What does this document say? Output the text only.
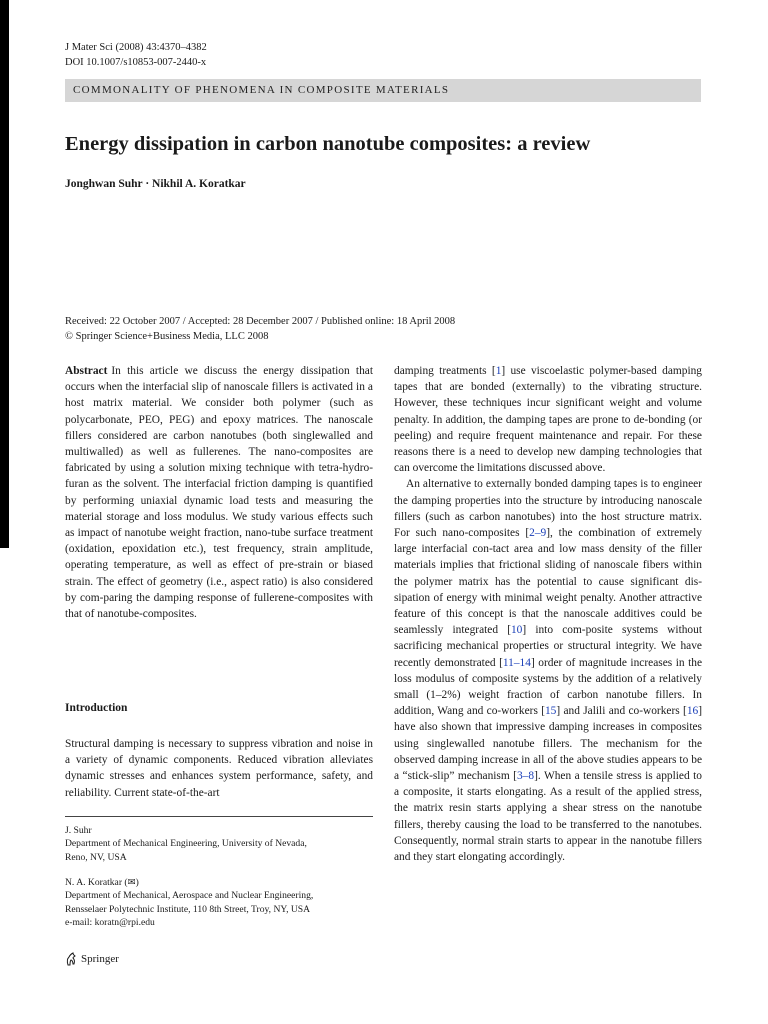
J Mater Sci (2008) 43:4370–4382
DOI 10.1007/s10853-007-2440-x
COMMONALITY OF PHENOMENA IN COMPOSITE MATERIALS
Energy dissipation in carbon nanotube composites: a review
Jonghwan Suhr · Nikhil A. Koratkar
Received: 22 October 2007 / Accepted: 28 December 2007 / Published online: 18 April 2008
© Springer Science+Business Media, LLC 2008

Abstract In this article we discuss the energy dissipation that occurs when the interfacial slip of nanoscale fillers is activated in a host matrix material. We consider both polymer (such as polycarbonate, PEO, PEG) and epoxy matrices. The nanoscale fillers considered are carbon nanotubes (both singlewalled and multiwalled) as well as fullerenes. The nano-composites are fabricated by using a solution mixing technique with tetra-hydro-furan as the solvent. The interfacial friction damping is quantified by performing uniaxial dynamic load tests and measuring the material storage and loss modulus. We study various effects such as impact of nanotube weight fraction, nano-tube surface treatment (oxidation, epoxidation etc.), test frequency, strain amplitude, operating temperature, as well as effect of pre-strain or biased strain. The effect of geometry (i.e., aspect ratio) is also considered by com-paring the damping response of fullerene-composites with that of nanotube-composites.

Introduction

Structural damping is necessary to suppress vibration and noise in a variety of dynamic components. Reduced vibration alleviates dynamic stresses and enhances system performance, safety, and reliability. Current state-of-the-art

J. Suhr
Department of Mechanical Engineering, University of Nevada,
Reno, NV, USA
N. A. Koratkar (✉)
Department of Mechanical, Aerospace and Nuclear Engineering,
Rensselaer Polytechnic Institute, 110 8th Street, Troy, NY, USA
e-mail: koratn@rpi.edu

damping treatments [1] use viscoelastic polymer-based damping tapes that are bonded (externally) to the vibrating structure. However, these techniques incur significant weight and volume penalty. In addition, the damping tapes are prone to de-bonding (or peeling) and require frequent maintenance and repair. For these reasons there is a need to develop new damping technologies that can overcome the limitations discussed above.

An alternative to externally bonded damping tapes is to engineer the damping properties into the structure by introducing nanoscale fillers (such as carbon nanotubes) into the host structure matrix. For such nano-composites [2–9], the combination of extremely large interfacial con-tact area and low mass density of the filler materials implies that frictional sliding of nanoscale fibers within the polymer matrix has the potential to cause significant dis-sipation of energy with minimal weight penalty. Another attractive feature of this concept is that the nanoscale additives could be seamlessly integrated [10] into com-posite systems without sacrificing mechanical properties or structural integrity. We have recently demonstrated [11–14] order of magnitude increases in the loss modulus of composite systems by the addition of a relatively small (1–2%) weight fraction of carbon nanotube fillers. In addition, Wang and co-workers [15] and Jalili and co-workers [16] have also shown that impressive damping increases in composites using singlewalled nanotube fillers. The mechanism for the observed damping increase in all of the above studies appears to be a “stick-slip” mechanism [3–8]. When a tensile stress is applied to a composite, it starts elongating. As a result of the applied stress, the matrix resin starts applying a shear stress on the nanotube fillers, thereby causing the load to be transferred to the nanotubes. Consequently, normal strain starts to appear in the nanotube fillers and they start elongating accordingly.

Springer
